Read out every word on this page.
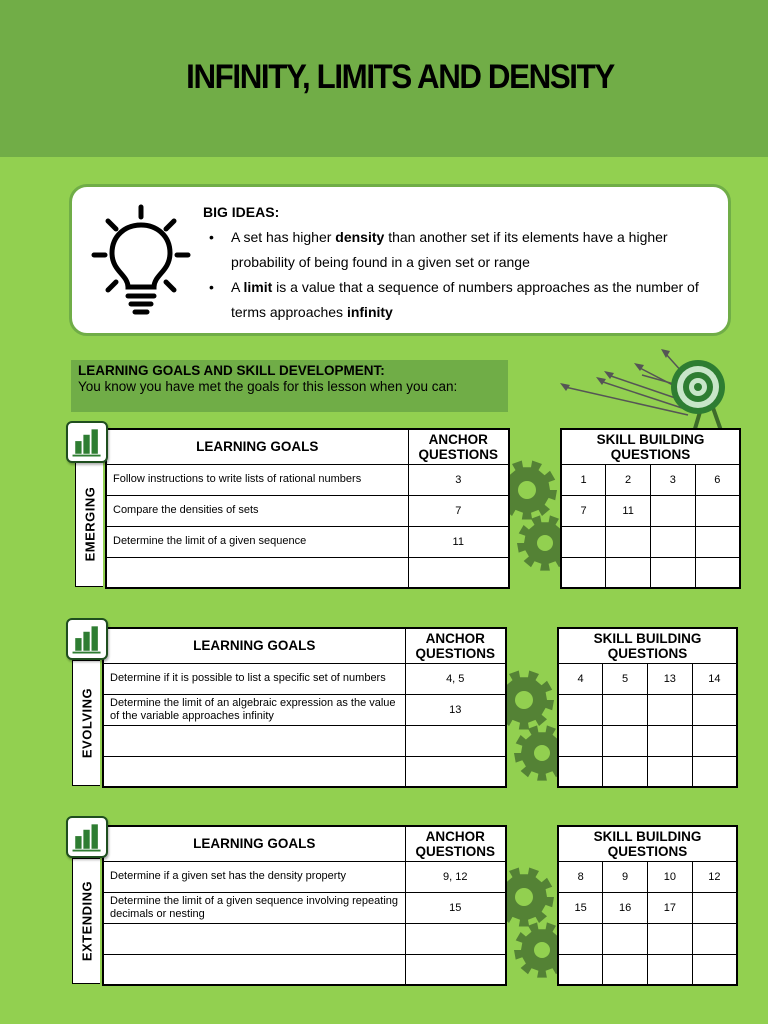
INFINITY, LIMITS AND DENSITY
BIG IDEAS:
• A set has higher density than another set if its elements have a higher probability of being found in a given set or range
• A limit is a value that a sequence of numbers approaches as the number of terms approaches infinity
LEARNING GOALS AND SKILL DEVELOPMENT:
You know you have met the goals for this lesson when you can:
EMERGING
LEARNING GOALS	ANCHOR
QUESTIONS
Follow instructions to write lists of rational numbers	3
Compare the densities of sets	7
Determine the limit of a given sequence	11

SKILL BUILDING
QUESTIONS			
1	2	3	6
7	11		

EVOLVING
LEARNING GOALS	ANCHOR
QUESTIONS
Determine if it is possible to list a specific set of numbers	4, 5
Determine the limit of an algebraic expression as the value of the variable approaches infinity	13

SKILL BUILDING
QUESTIONS			
4	5	13	14

EXTENDING
LEARNING GOALS	ANCHOR
QUESTIONS
Determine if a given set has the density property	9, 12
Determine the limit of a given sequence involving repeating decimals or nesting	15

SKILL BUILDING
QUESTIONS			
8	9	10	12
15	16	17	
